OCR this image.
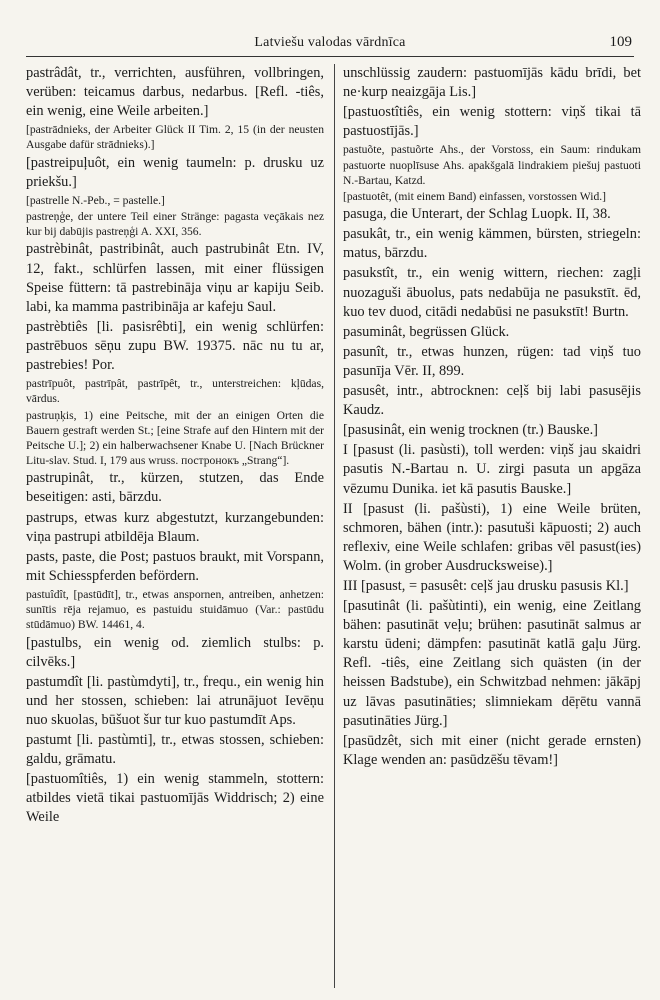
Latviešu valodas vārdnīca	109

pastrâdât, tr., verrichten, ausführen, vollbringen, verüben: teicamus darbus, nedarbus. [Refl. -tiês, ein wenig, eine Weile arbeiten.]

[pastrādnieks, der Arbeiter Glück II Tim. 2, 15 (in der neusten Ausgabe dafür strādnieks).]

[pastreipuļuôt, ein wenig taumeln: p. drusku uz priekšu.]

[pastrelle N.-Peb., = pastelle.]

pastreņģe, der untere Teil einer Stränge: pagasta veçākais nez kur bij dabūjis pastreņģi A. XXI, 356.

pastrèbinât, pastribinât, auch pastrubinât Etn. IV, 12, fakt., schlürfen lassen, mit einer flüssigen Speise füttern: tā pastrebināja viņu ar kapiju Seib. labi, ka mamma pastribināja ar kafeju Saul.

pastrèbtiês [li. pasisrêbti], ein wenig schlürfen: pastrēbuos sēņu zupu BW. 19375. nāc nu tu ar, pastrebies! Por.

pastrīpuôt, pastrīpât, pastrīpêt, tr., unterstreichen: kļūdas, vārdus.

pastruņķis, 1) eine Peitsche, mit der an einigen Orten die Bauern gestraft werden St.; [eine Strafe auf den Hintern mit der Peitsche U.]; 2) ein halberwachsener Knabe U. [Nach Brückner Litu-slav. Stud. I, 179 aus wruss. постронокъ „Strang“].

pastrupinât, tr., kürzen, stutzen, das Ende beseitigen: asti, bārzdu.

pastrups, etwas kurz abgestutzt, kurzangebunden: viņa pastrupi atbildēja Blaum.

pasts, paste, die Post; pastuos braukt, mit Vorspann, mit Schiesspferden befördern.

pastuîdît, [pastūdīt], tr., etwas anspornen, antreiben, anhetzen: sunītis rēja rejamuo, es pastuidu stuidāmuo (Var.: pastūdu stūdāmuo) BW. 14461, 4.

[pastulbs, ein wenig od. ziemlich stulbs: p. cilvēks.]

pastumdît [li. pastùmdyti], tr., frequ., ein wenig hin und her stossen, schieben: lai atrunājuot Ievēņu nuo skuolas, būšuot šur tur kuo pastumdīt Aps.

pastumt [li. pastùmti], tr., etwas stossen, schieben: galdu, grāmatu.

[pastuomîtiês, 1) ein wenig stammeln, stottern: atbildes vietā tikai pastuomījās Widdrisch; 2) eine Weile

unschlüssig zaudern: pastuomījās kādu brīdi, bet ne·kurp neaizgāja Lis.]

[pastuostîtiês, ein wenig stottern: viņš tikai tā pastuostījās.]

pastuõte, pastuõrte Ahs., der Vorstoss, ein Saum: rindukam pastuorte nuoplīsuse Ahs. apakšgalā lindrakiem piešuj pastuoti N.-Bartau, Katzd.

[pastuotêt, (mit einem Band) einfassen, vorstossen Wid.]

pasuga, die Unterart, der Schlag Luopk. II, 38.

pasukât, tr., ein wenig kämmen, bürsten, striegeln: matus, bārzdu.

pasukstît, tr., ein wenig wittern, riechen: zagļi nuozaguši ābuolus, pats nedabūja ne pasukstīt. ēd, kuo tev duod, citādi nedabūsi ne pasukstīt! Burtn.

pasuminât, begrüssen Glück.

pasunît, tr., etwas hunzen, rügen: tad viņš tuo pasunīja Vēr. II, 899.

pasusêt, intr., abtrocknen: ceļš bij labi pasusējis Kaudz.

[pasusinât, ein wenig trocknen (tr.) Bauske.]

I [pasust (li. pasùsti), toll werden: viņš jau skaidri pasutis N.-Bartau n. U. zirgi pasuta un apgāza vēzumu Dunika. iet kā pasutis Bauske.]

II [pasust (li. pašùsti), 1) eine Weile brüten, schmoren, bähen (intr.): pasutuši kāpuosti; 2) auch reflexiv, eine Weile schlafen: gribas vēl pasust(ies) Wolm. (in grober Ausdrucksweise).]

III [pasust, = pasusêt: ceļš jau drusku pasusis Kl.]

[pasutinât (li. pašùtinti), ein wenig, eine Zeitlang bähen: pasutināt veļu; brühen: pasutināt salmus ar karstu ūdeni; dämpfen: pasutināt katlā gaļu Jürg. Refl. -tiês, eine Zeitlang sich quästen (in der heissen Badstube), ein Schwitzbad nehmen: jākāpj uz lāvas pasutināties; slimniekam dēŗētu vannā pasutināties Jürg.]

[pasūdzêt, sich mit einer (nicht gerade ernsten) Klage wenden an: pasūdzēšu tēvam!]
